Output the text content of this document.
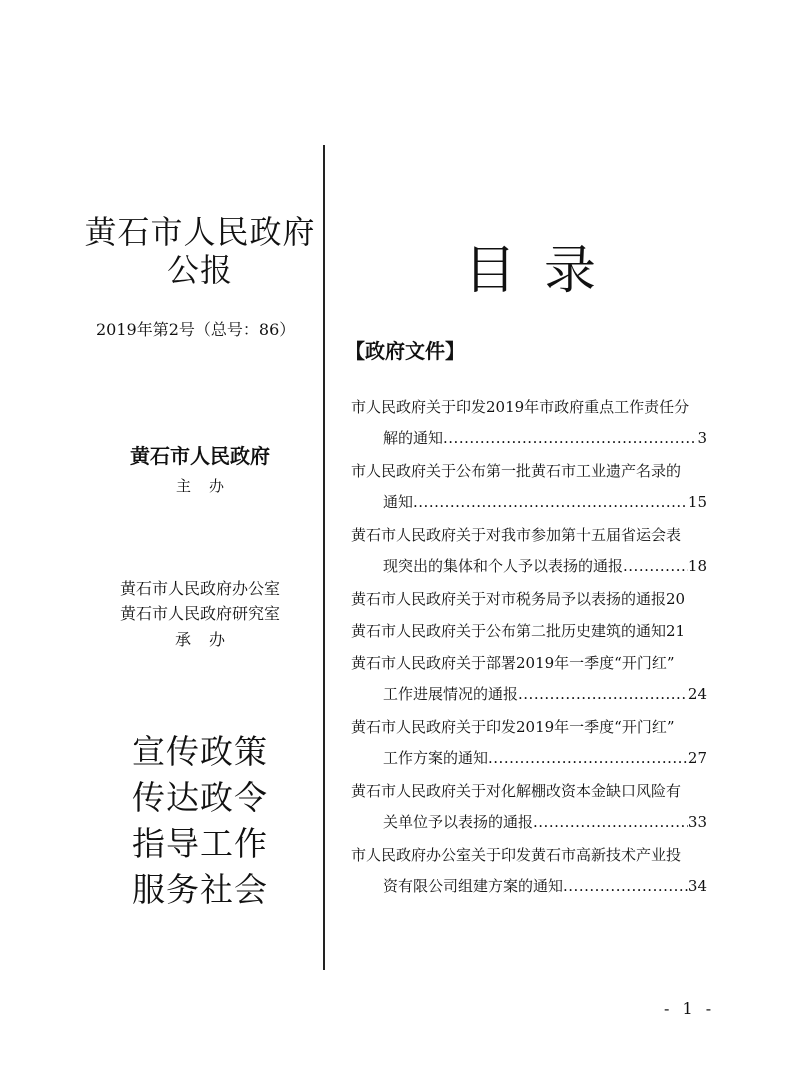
黄石市人民政府
公报
2019年第2号（总号：86）
黄石市人民政府
主办
黄石市人民政府办公室
黄石市人民政府研究室
承办
宣传政策
传达政令
指导工作
服务社会
目录
【政府文件】
市人民政府关于印发2019年市政府重点工作责任分
解的通知 .....	3
市人民政府关于公布第一批黄石市工业遗产名录的
通知 .....	15
黄石市人民政府关于对我市参加第十五届省运会表
现突出的集体和个人予以表扬的通报 .....	18
黄石市人民政府关于对市税务局予以表扬的通报 20
黄石市人民政府关于公布第二批历史建筑的通知 21
黄石市人民政府关于部署2019年一季度“开门红”
工作进展情况的通报 .....	24
黄石市人民政府关于印发2019年一季度“开门红”
工作方案的通知 .....	27
黄石市人民政府关于对化解棚改资本金缺口风险有
关单位予以表扬的通报 .....	33
市人民政府办公室关于印发黄石市高新技术产业投
资有限公司组建方案的通知 .....	34
- 1 -
